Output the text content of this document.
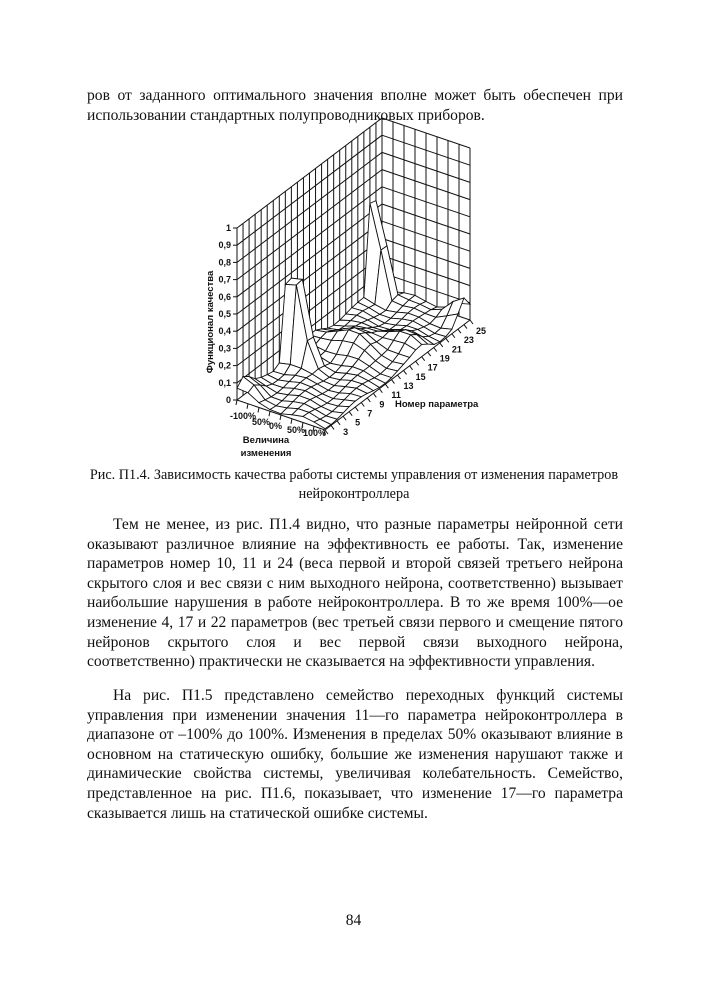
ров от заданного оптимального значения вполне может быть обеспечен при использовании стандартных полупроводниковых приборов.
0
0,1
0,2
0,3
0,4
0,5
0,6
0,7
0,8
0,9
1
-100%
50%
0% 50%
100% 3
5
7
9
11
13
15
17
19
21
23
25
Функционал качества
Величина
изменения
Номер параметра
Рис. П1.4. Зависимость качества работы системы управления от изменения параметров нейроконтроллера
Тем не менее, из рис. П1.4 видно, что разные параметры нейронной сети оказывают различное влияние на эффективность ее работы. Так, изменение параметров номер 10, 11 и 24 (веса первой и второй связей третьего нейрона скрытого слоя и вес связи с ним выходного нейрона, соответственно) вызывает наибольшие нарушения в работе нейроконтроллера. В то же время 100%—ое изменение 4, 17 и 22 параметров (вес третьей связи первого и смещение пятого нейронов скрытого слоя и вес первой связи выходного нейрона, соответственно) практически не сказывается на эффективности управления.
На рис. П1.5 представлено семейство переходных функций системы управления при изменении значения 11—го параметра нейроконтроллера в диапазоне от –100% до 100%. Изменения в пределах 50% оказывают влияние в основном на статическую ошибку, большие же изменения нарушают также и динамические свойства системы, увеличивая колебательность. Семейство, представленное на рис. П1.6, показывает, что изменение 17—го параметра сказывается лишь на статической ошибке системы.
84
